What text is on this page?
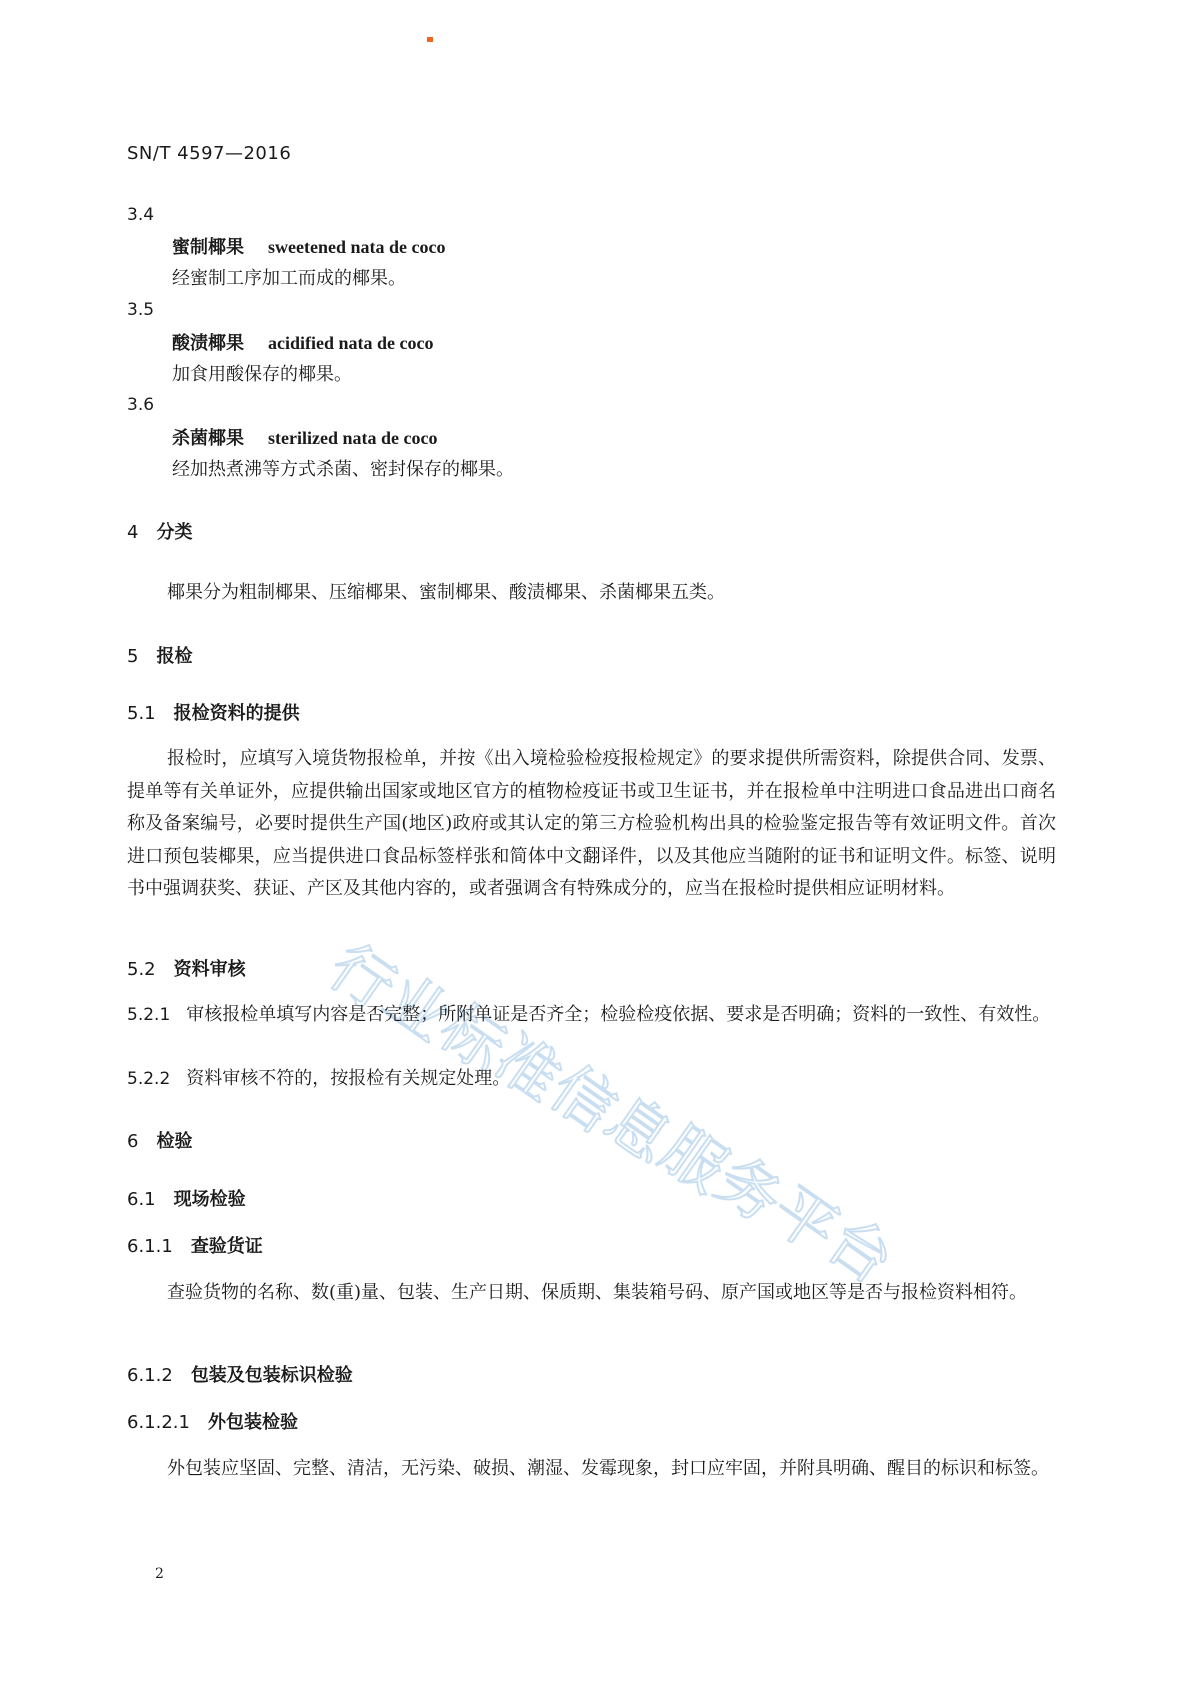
行
业
标
准
信
息
服
务
平
台
SN/T 4597—2016
3.4
蜜制椰果 sweetened nata de coco
经蜜制工序加工而成的椰果。
3.5
酸渍椰果 acidified nata de coco
加食用酸保存的椰果。
3.6
杀菌椰果 sterilized nata de coco
经加热煮沸等方式杀菌、密封保存的椰果。
4 分类
椰果分为粗制椰果、压缩椰果、蜜制椰果、酸渍椰果、杀菌椰果五类。
5 报检
5.1 报检资料的提供
报检时，应填写入境货物报检单，并按《出入境检验检疫报检规定》的要求提供所需资料，除提供合同、发票、提单等有关单证外，应提供输出国家或地区官方的植物检疫证书或卫生证书，并在报检单中注明进口食品进出口商名称及备案编号，必要时提供生产国(地区)政府或其认定的第三方检验机构出具的检验鉴定报告等有效证明文件。首次进口预包装椰果，应当提供进口食品标签样张和简体中文翻译件，以及其他应当随附的证书和证明文件。标签、说明书中强调获奖、获证、产区及其他内容的，或者强调含有特殊成分的，应当在报检时提供相应证明材料。
5.2 资料审核
5.2.1 审核报检单填写内容是否完整；所附单证是否齐全；检验检疫依据、要求是否明确；资料的一致性、有效性。
5.2.2 资料审核不符的，按报检有关规定处理。
6 检验
6.1 现场检验
6.1.1 查验货证
查验货物的名称、数(重)量、包装、生产日期、保质期、集装箱号码、原产国或地区等是否与报检资料相符。
6.1.2 包装及包装标识检验
6.1.2.1 外包装检验
外包装应坚固、完整、清洁，无污染、破损、潮湿、发霉现象，封口应牢固，并附具明确、醒目的标识和标签。
2
